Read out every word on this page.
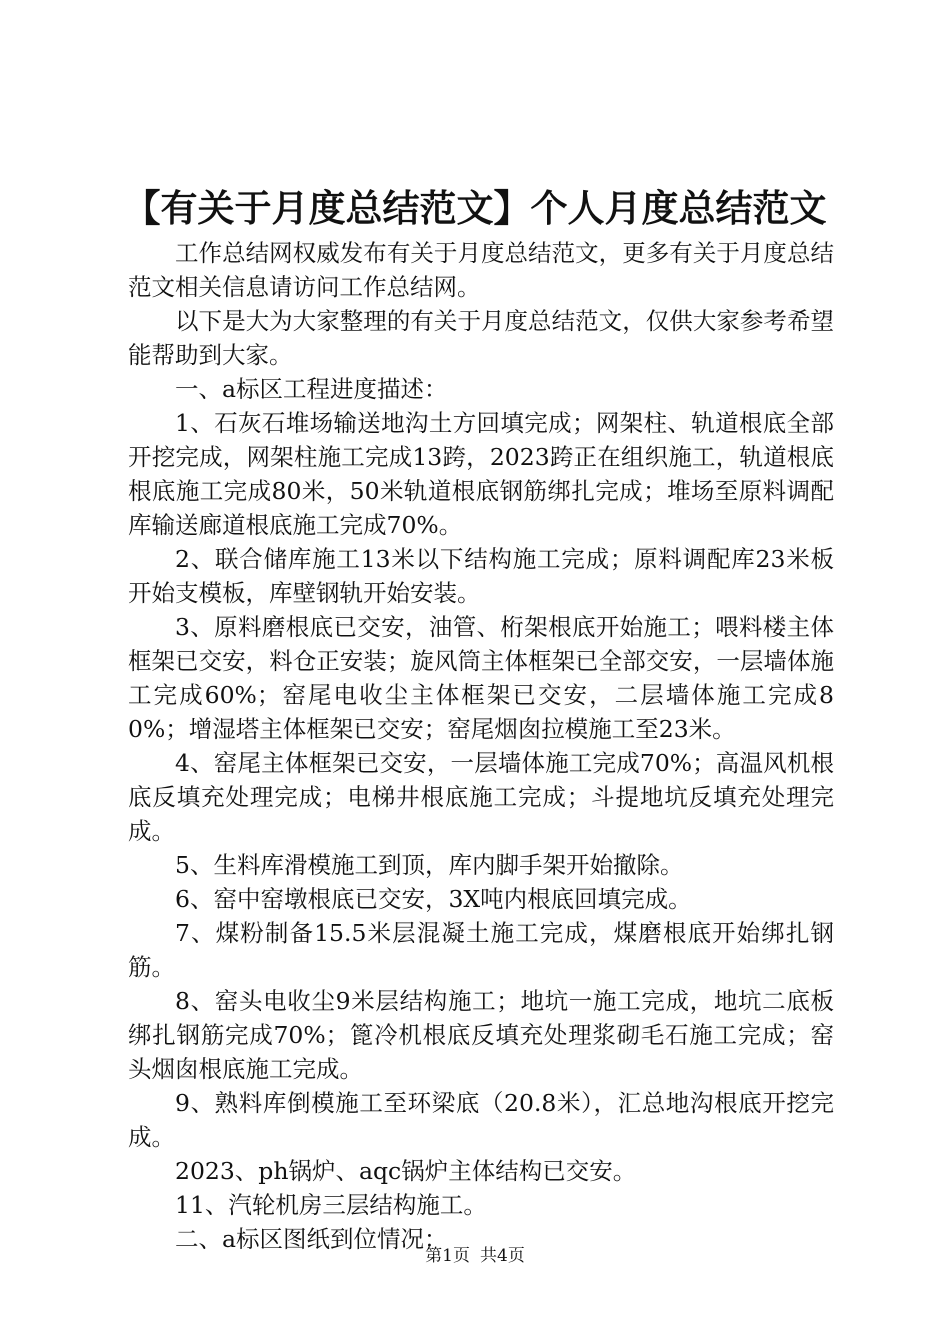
【有关于月度总结范文】个人月度总结范文

工作总结网权威发布有关于月度总结范文，更多有关于月度总结范文相关信息请访问工作总结网。

以下是大为大家整理的有关于月度总结范文，仅供大家参考希望能帮助到大家。

一、a标区工程进度描述：

1、石灰石堆场输送地沟土方回填完成；网架柱、轨道根底全部开挖完成，网架柱施工完成13跨，2023跨正在组织施工，轨道根底根底施工完成80米，50米轨道根底钢筋绑扎完成；堆场至原料调配库输送廊道根底施工完成70%。

2、联合储库施工13米以下结构施工完成；原料调配库23米板开始支模板，库壁钢轨开始安装。

3、原料磨根底已交安，油管、桁架根底开始施工；喂料楼主体框架已交安，料仓正安装；旋风筒主体框架已全部交安，一层墙体施工完成60%；窑尾电收尘主体框架已交安，二层墙体施工完成80%；增湿塔主体框架已交安；窑尾烟囱拉模施工至23米。

4、窑尾主体框架已交安，一层墙体施工完成70%；高温风机根底反填充处理完成；电梯井根底施工完成；斗提地坑反填充处理完成。

5、生料库滑模施工到顶，库内脚手架开始撤除。

6、窑中窑墩根底已交安，3X吨内根底回填完成。

7、煤粉制备15.5米层混凝土施工完成，煤磨根底开始绑扎钢筋。

8、窑头电收尘9米层结构施工；地坑一施工完成，地坑二底板绑扎钢筋完成70%；篦冷机根底反填充处理浆砌毛石施工完成；窑头烟囱根底施工完成。

9、熟料库倒模施工至环梁底（20.8米），汇总地沟根底开挖完成。

2023、ph锅炉、aqc锅炉主体结构已交安。

11、汽轮机房三层结构施工。

二、a标区图纸到位情况：

第1页 共4页
